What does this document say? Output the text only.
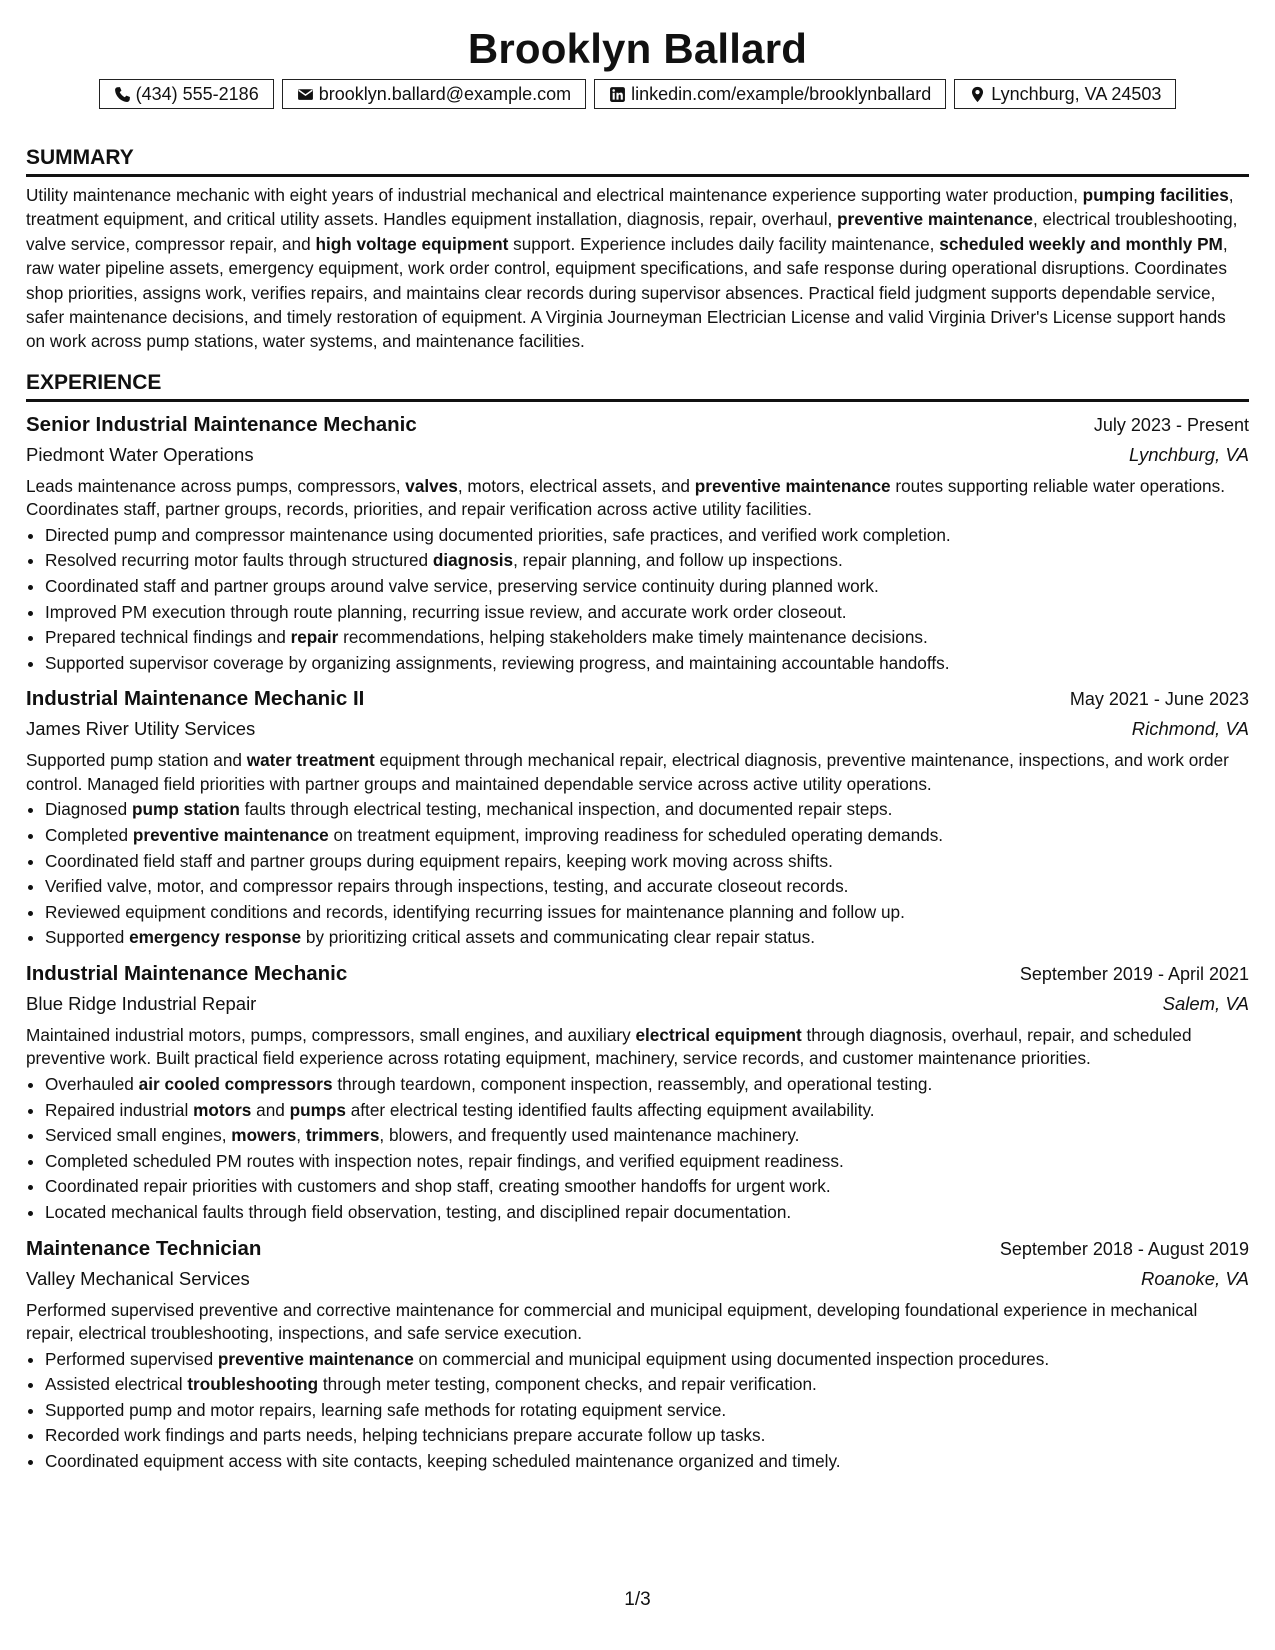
Brooklyn Ballard
(434) 555-2186	brooklyn.ballard@example.com	linkedin.com/example/brooklynballard	Lynchburg, VA 24503
SUMMARY
Utility maintenance mechanic with eight years of industrial mechanical and electrical maintenance experience supporting water production, pumping facilities, treatment equipment, and critical utility assets. Handles equipment installation, diagnosis, repair, overhaul, preventive maintenance, electrical troubleshooting, valve service, compressor repair, and high voltage equipment support. Experience includes daily facility maintenance, scheduled weekly and monthly PM, raw water pipeline assets, emergency equipment, work order control, equipment specifications, and safe response during operational disruptions. Coordinates shop priorities, assigns work, verifies repairs, and maintains clear records during supervisor absences. Practical field judgment supports dependable service, safer maintenance decisions, and timely restoration of equipment. A Virginia Journeyman Electrician License and valid Virginia Driver's License support hands on work across pump stations, water systems, and maintenance facilities.
EXPERIENCE
Senior Industrial Maintenance Mechanic	July 2023 - Present
Piedmont Water Operations	Lynchburg, VA
Leads maintenance across pumps, compressors, valves, motors, electrical assets, and preventive maintenance routes supporting reliable water operations. Coordinates staff, partner groups, records, priorities, and repair verification across active utility facilities.
• Directed pump and compressor maintenance using documented priorities, safe practices, and verified work completion.
• Resolved recurring motor faults through structured diagnosis, repair planning, and follow up inspections.
• Coordinated staff and partner groups around valve service, preserving service continuity during planned work.
• Improved PM execution through route planning, recurring issue review, and accurate work order closeout.
• Prepared technical findings and repair recommendations, helping stakeholders make timely maintenance decisions.
• Supported supervisor coverage by organizing assignments, reviewing progress, and maintaining accountable handoffs.
Industrial Maintenance Mechanic II	May 2021 - June 2023
James River Utility Services	Richmond, VA
Supported pump station and water treatment equipment through mechanical repair, electrical diagnosis, preventive maintenance, inspections, and work order control. Managed field priorities with partner groups and maintained dependable service across active utility operations.
• Diagnosed pump station faults through electrical testing, mechanical inspection, and documented repair steps.
• Completed preventive maintenance on treatment equipment, improving readiness for scheduled operating demands.
• Coordinated field staff and partner groups during equipment repairs, keeping work moving across shifts.
• Verified valve, motor, and compressor repairs through inspections, testing, and accurate closeout records.
• Reviewed equipment conditions and records, identifying recurring issues for maintenance planning and follow up.
• Supported emergency response by prioritizing critical assets and communicating clear repair status.
Industrial Maintenance Mechanic	September 2019 - April 2021
Blue Ridge Industrial Repair	Salem, VA
Maintained industrial motors, pumps, compressors, small engines, and auxiliary electrical equipment through diagnosis, overhaul, repair, and scheduled preventive work. Built practical field experience across rotating equipment, machinery, service records, and customer maintenance priorities.
• Overhauled air cooled compressors through teardown, component inspection, reassembly, and operational testing.
• Repaired industrial motors and pumps after electrical testing identified faults affecting equipment availability.
• Serviced small engines, mowers, trimmers, blowers, and frequently used maintenance machinery.
• Completed scheduled PM routes with inspection notes, repair findings, and verified equipment readiness.
• Coordinated repair priorities with customers and shop staff, creating smoother handoffs for urgent work.
• Located mechanical faults through field observation, testing, and disciplined repair documentation.
Maintenance Technician	September 2018 - August 2019
Valley Mechanical Services	Roanoke, VA
Performed supervised preventive and corrective maintenance for commercial and municipal equipment, developing foundational experience in mechanical repair, electrical troubleshooting, inspections, and safe service execution.
• Performed supervised preventive maintenance on commercial and municipal equipment using documented inspection procedures.
• Assisted electrical troubleshooting through meter testing, component checks, and repair verification.
• Supported pump and motor repairs, learning safe methods for rotating equipment service.
• Recorded work findings and parts needs, helping technicians prepare accurate follow up tasks.
• Coordinated equipment access with site contacts, keeping scheduled maintenance organized and timely.
1/3
